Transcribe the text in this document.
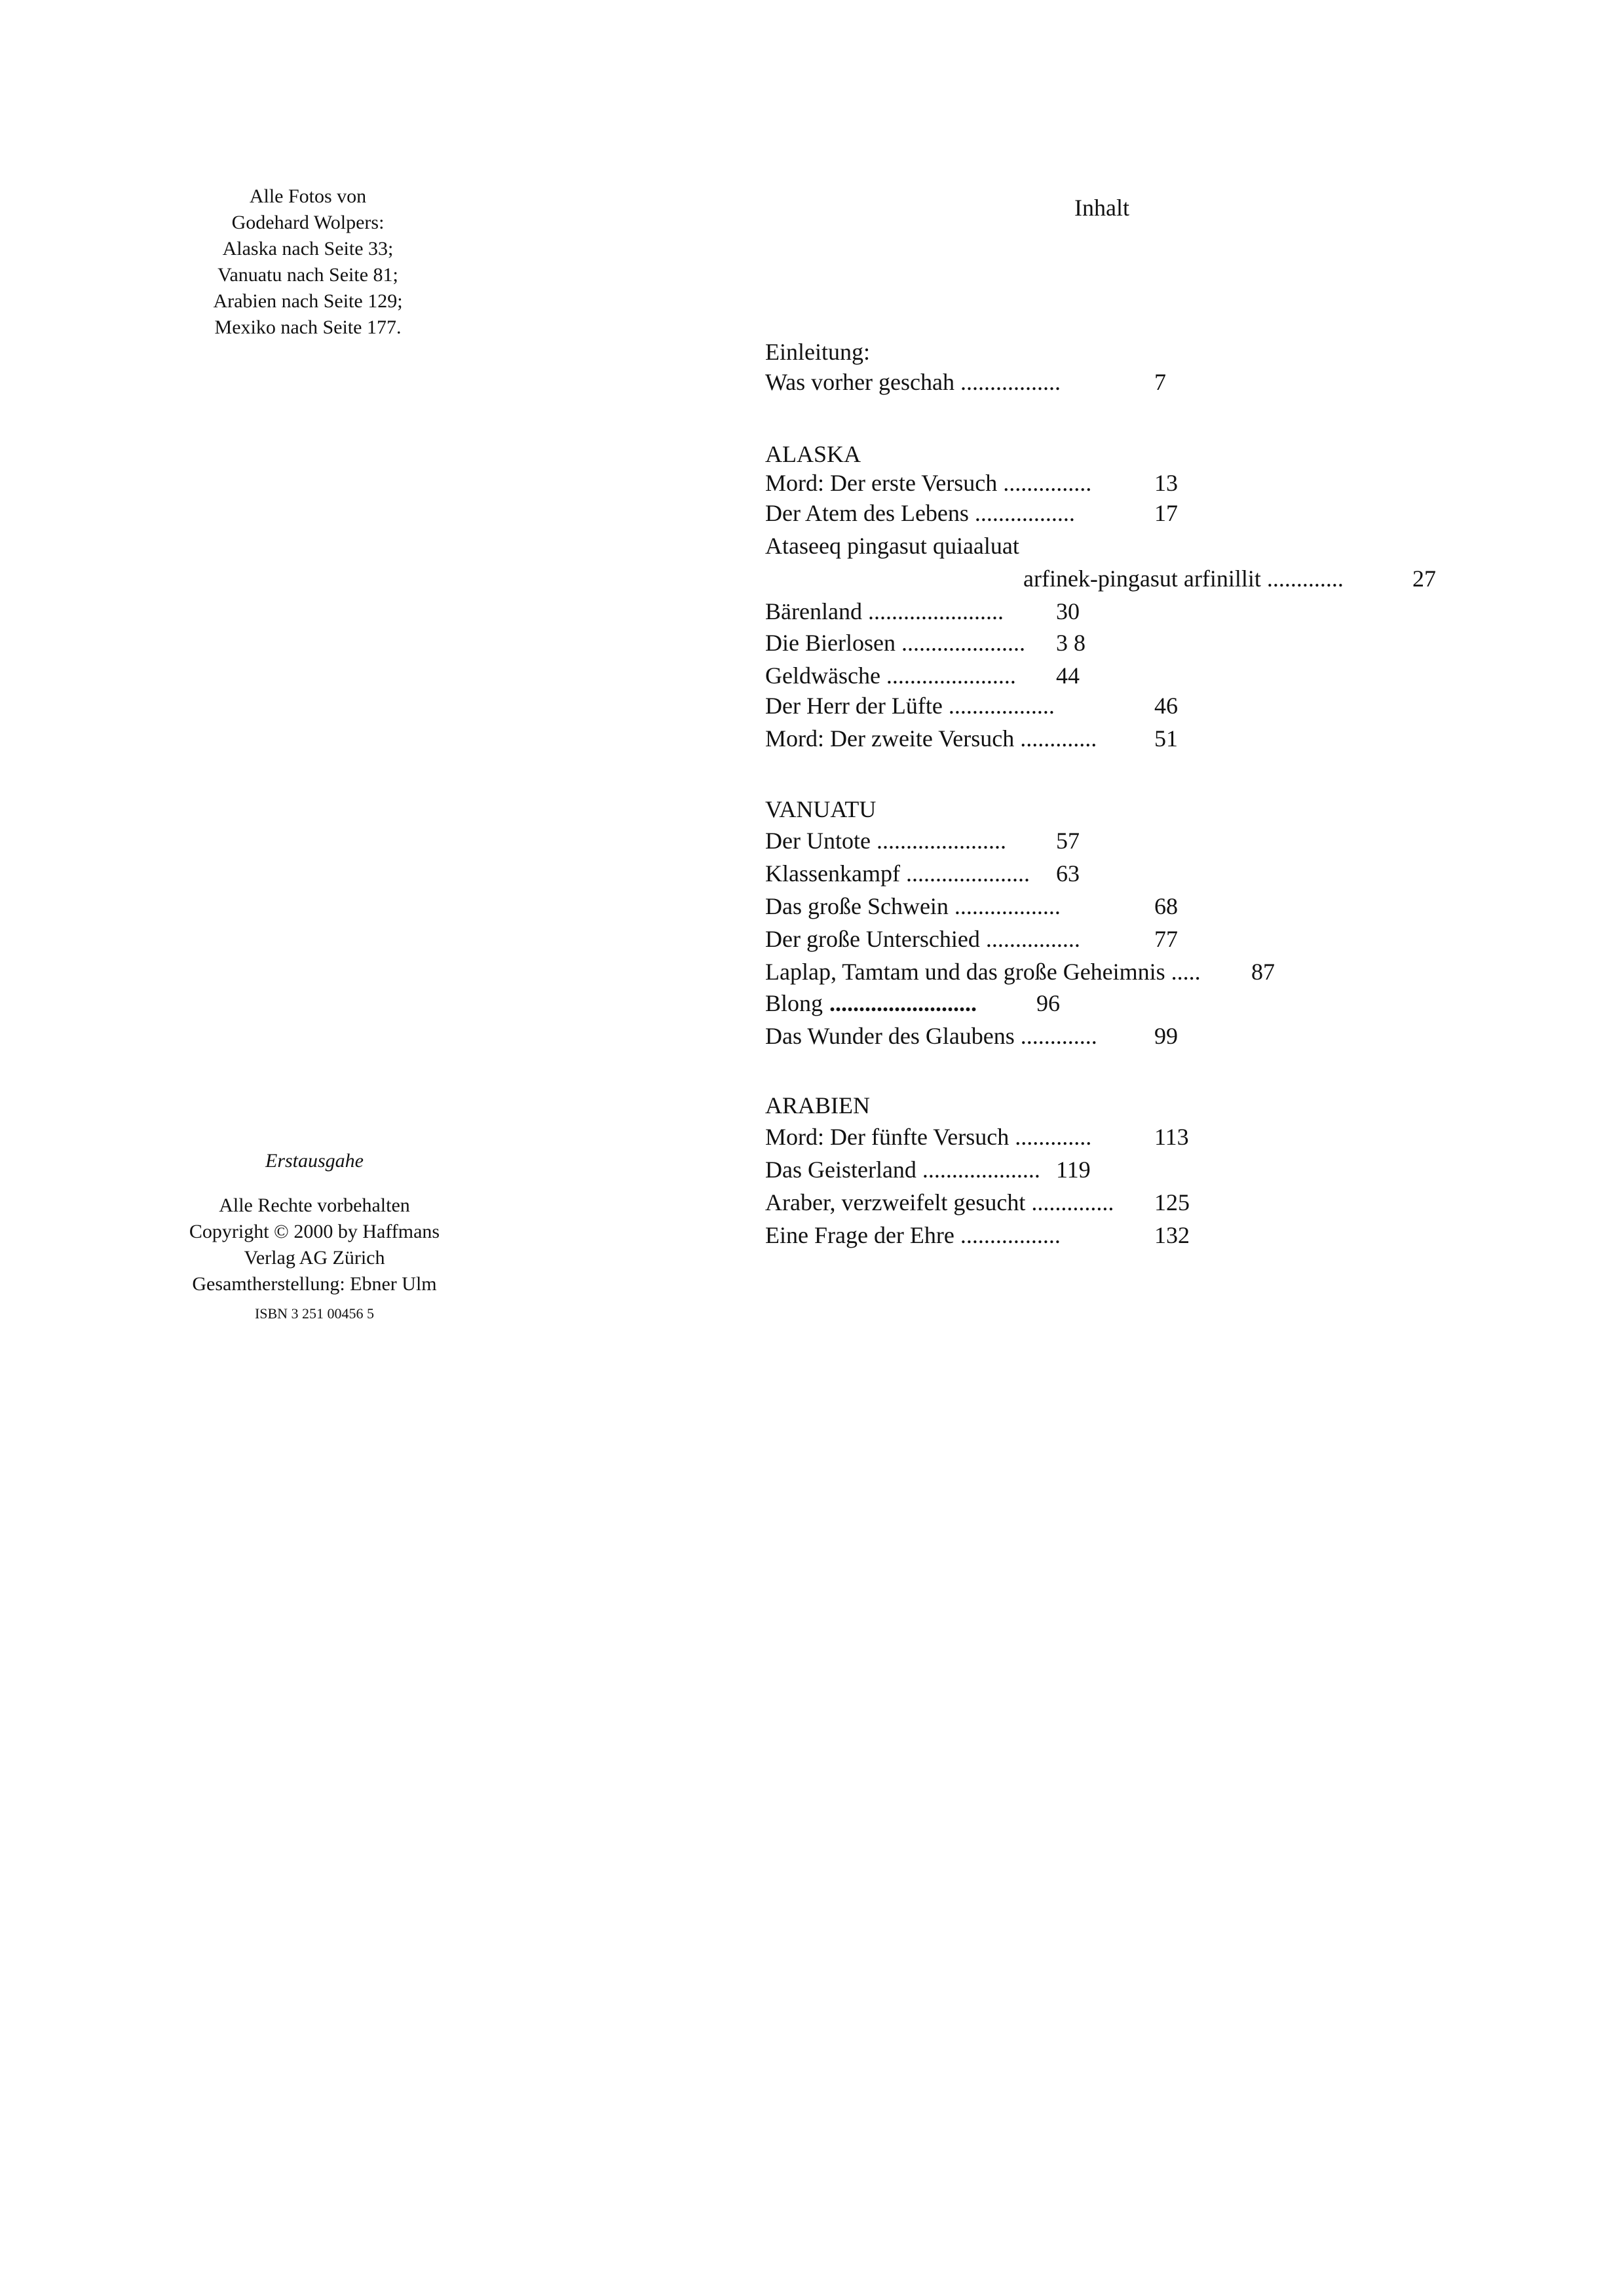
Alle Fotos von
Godehard Wolpers:
Alaska nach Seite 33;
Vanuatu nach Seite 81;
Arabien nach Seite 129;
Mexiko nach Seite 177.
Erstausgahe
Alle Rechte vorbehalten
Copyright © 2000 by Haffmans
Verlag AG Zürich
Gesamtherstellung: Ebner Ulm
ISBN 3 251 00456 5
Inhalt
Einleitung:
Was vorher geschah .................	7
ALASKA
Mord: Der erste Versuch ...............	13
Der Atem des Lebens .................	17
Ataseeq pingasut quiaaluat
arfinek-pingasut arfinillit .............	27
Bärenland ....................... 30
Die Bierlosen ..................... 3 8
Geldwäsche ...................... 44
Der Herr der Lüfte ..................	46
Mord: Der zweite Versuch ............. 51
VANUATU
Der Untote ...................... 57
Klassenkampf ..................... 63
Das große Schwein ..................	68
Der große Unterschied ................	77
Laplap, Tamtam und das große Geheimnis ..... 87
Blong .........................	96
Das Wunder des Glaubens ............. 99
ARABIEN
Mord: Der fünfte Versuch .............	113
Das Geisterland .................... 119
Araber, verzweifelt gesucht .............. 125
Eine Frage der Ehre .................	132
